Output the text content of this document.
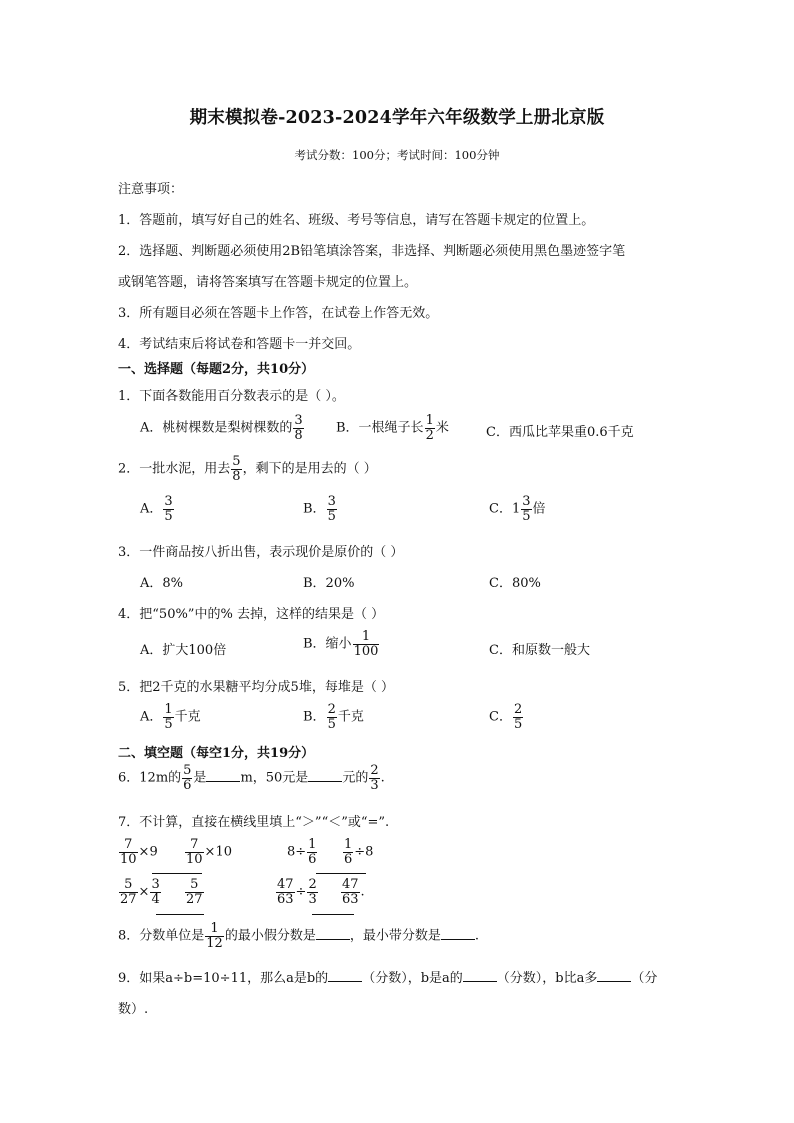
期末模拟卷-2023-2024学年六年级数学上册北京版
考试分数：100分；考试时间：100分钟
注意事项：
1．答题前，填写好自己的姓名、班级、考号等信息，请写在答题卡规定的位置上。
2．选择题、判断题必须使用2B铅笔填涂答案，非选择、判断题必须使用黑色墨迹签字笔
或钢笔答题，请将答案填写在答题卡规定的位置上。
3．所有题目必须在答题卡上作答，在试卷上作答无效。
4．考试结束后将试卷和答题卡一并交回。
一、选择题（每题2分，共10分）
1．下面各数能用百分数表示的是（ ）。
A．桃树棵数是梨树棵数的 $\frac{3}{8}$ B．一根绳子长 $\frac{1}{2}$ 米	C．西瓜比苹果重0.6千克
2．一批水泥，用去 $\frac{5}{8}$ ，剩下的是用去的（ ）
A． $\frac{3}{5}$	B． $\frac{3}{5}$	C．$1 \frac{3}{5}$ 倍
3．一件商品按八折出售，表示现价是原价的（ ）
A．8%	B．20%	C．80%
4．把“50%”中的% 去掉，这样的结果是（ ）
A．扩大100倍	B．缩小 $\frac{1}{100}$	C．和原数一般大
5．把2千克的水果糖平均分成5堆，每堆是（ ）
A． $\frac{1}{5}$ 千克	B． $\frac{2}{5}$ 千克	C． $\frac{2}{5}$
二、填空题（每空1分，共19分）
6．12m的 $\frac{5}{6}$ 是	m，50元是	元的 $\frac{2}{3}$ .
7．不计算，直接在横线里填上“＞”“＜”或“=”.
$\frac{7}{10} \times 9 \frac{7}{10} \times 10$	$8\div \frac{1}{6} \frac{1}{6} \div 8$
$\frac{5}{27} \times \frac{3}{4} \frac{5}{27}$	$\frac{47}{63} \div \frac{2}{3} \frac{47}{63}$ .
8．分数单位是 $\frac{1}{12}$ 的最小假分数是	，最小带分数是	.
9．如果a÷b=10÷11，那么a是b的	（分数），b是a的	（分数），b比a多	（分
数）.
